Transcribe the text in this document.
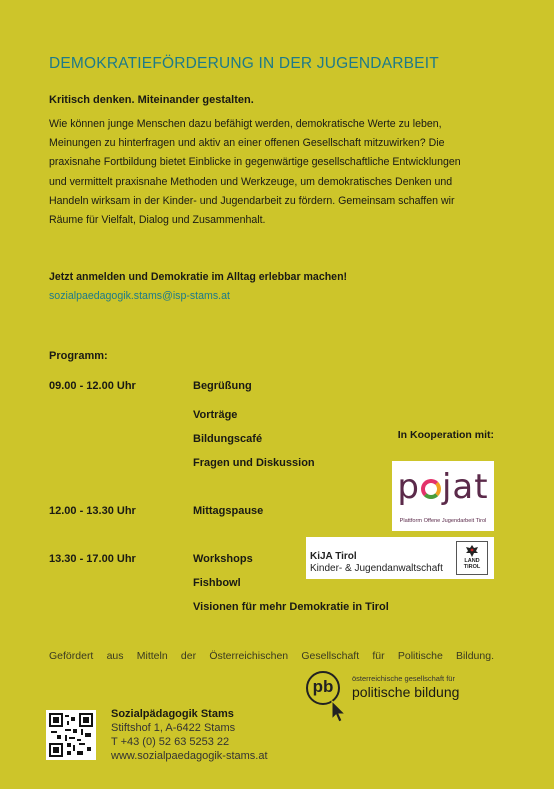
DEMOKRATIEFÖRDERUNG IN DER JUGENDARBEIT
Kritisch denken. Miteinander gestalten.
Wie können junge Menschen dazu befähigt werden, demokratische Werte zu leben, Meinungen zu hinterfragen und aktiv an einer offenen Gesellschaft mitzuwirken? Die praxisnahe Fortbildung bietet Einblicke in gegenwärtige gesellschaftliche Entwicklungen und vermittelt praxisnahe Methoden und Werkzeuge, um demokratisches Denken und Handeln wirksam in der Kinder- und Jugendarbeit zu fördern. Gemeinsam schaffen wir Räume für Vielfalt, Dialog und Zusammenhalt.
Jetzt anmelden und Demokratie im Alltag erlebbar machen!
sozialpaedagogik.stams@isp-stams.at
Programm:
09.00 - 12.00 Uhr	Begrüßung
Vorträge
Bildungscafé
Fragen und Diskussion
12.00 - 13.30 Uhr	Mittagspause
13.30 - 17.00 Uhr	Workshops
Fishbowl
Visionen für mehr Demokratie in Tirol
In Kooperation mit:
p jat
Plattform Offene Jugendarbeit Tirol
KiJA Tirol
Kinder- & Jugendanwaltschaft
LAND
TIROL
Gefördert aus Mitteln der Österreichischen Gesellschaft für Politische Bildung.
pb	österreichische gesellschaft für
politische bildung
Sozialpädagogik Stams
Stiftshof 1, A-6422 Stams
T +43 (0) 52 63 5253 22
www.sozialpaedagogik-stams.at
